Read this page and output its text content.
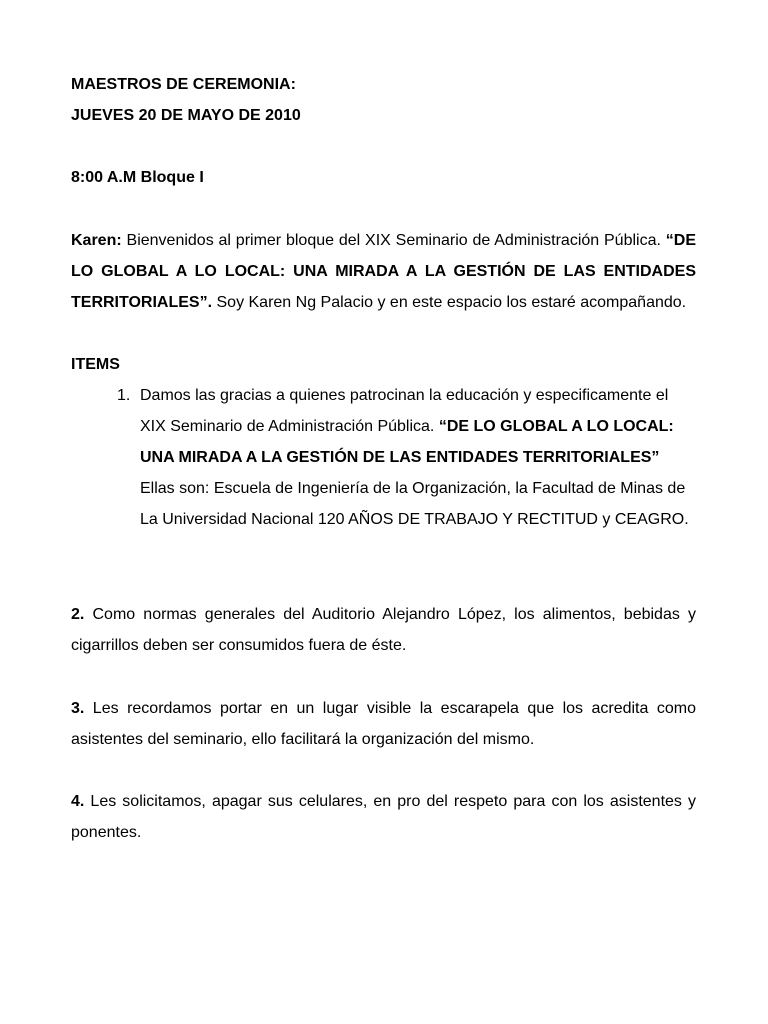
MAESTROS DE CEREMONIA:

JUEVES 20 DE MAYO DE 2010

8:00 A.M Bloque I
Karen: Bienvenidos al primer bloque del XIX Seminario de Administración Pública. “DE LO GLOBAL A LO LOCAL: UNA MIRADA A LA GESTIÓN DE LAS ENTIDADES TERRITORIALES”. Soy Karen Ng Palacio y en este espacio los estaré acompañando.
ITEMS
1. Damos las gracias a quienes patrocinan la educación y especificamente el XIX Seminario de Administración Pública. “DE LO GLOBAL A LO LOCAL: UNA MIRADA A LA GESTIÓN DE LAS ENTIDADES TERRITORIALES” Ellas son: Escuela de Ingeniería de la Organización, la Facultad de Minas de La Universidad Nacional 120 AÑOS DE TRABAJO Y RECTITUD y CEAGRO.
2. Como normas generales del Auditorio Alejandro López, los alimentos, bebidas y cigarrillos deben ser consumidos fuera de éste.
3. Les recordamos portar en un lugar visible la escarapela que los acredita como asistentes del seminario, ello facilitará la organización del mismo.
4. Les solicitamos, apagar sus celulares, en pro del respeto para con los asistentes y ponentes.
